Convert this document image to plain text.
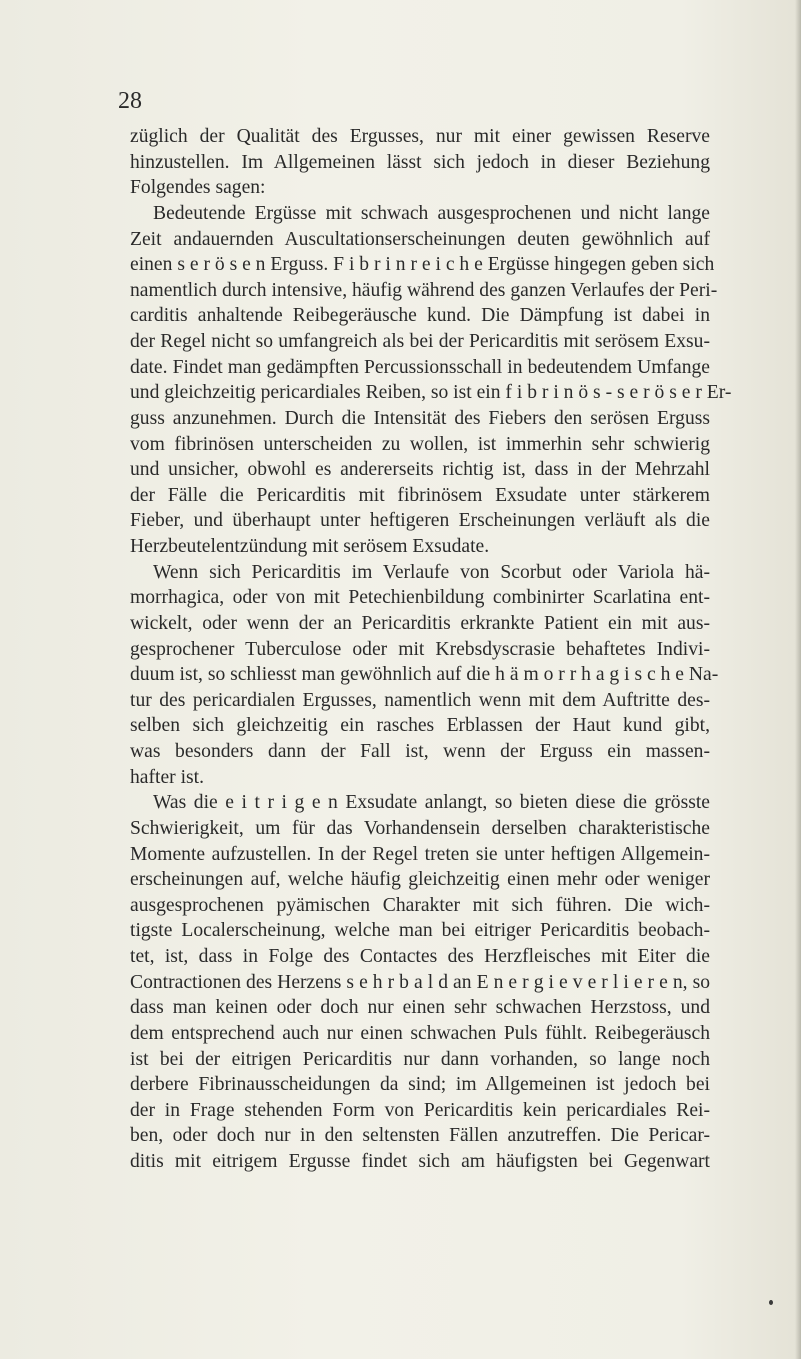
28
züglich der Qualität des Ergusses, nur mit einer gewissen Reserve
hinzustellen. Im Allgemeinen lässt sich jedoch in dieser Beziehung
Folgendes sagen:
Bedeutende Ergüsse mit schwach ausgesprochenen und nicht lange
Zeit andauernden Auscultationserscheinungen deuten gewöhnlich auf
einen s e r ö s e n Erguss. F i b r i n r e i c h e Ergüsse hingegen geben sich
namentlich durch intensive, häufig während des ganzen Verlaufes der Peri-
carditis anhaltende Reibegeräusche kund. Die Dämpfung ist dabei in
der Regel nicht so umfangreich als bei der Pericarditis mit serösem Exsu-
date. Findet man gedämpften Percussionsschall in bedeutendem Umfange
und gleichzeitig pericardiales Reiben, so ist ein f i b r i n ö s - s e r ö s e r Er-
guss anzunehmen. Durch die Intensität des Fiebers den serösen Erguss
vom fibrinösen unterscheiden zu wollen, ist immerhin sehr schwierig
und unsicher, obwohl es andererseits richtig ist, dass in der Mehrzahl
der Fälle die Pericarditis mit fibrinösem Exsudate unter stärkerem
Fieber, und überhaupt unter heftigeren Erscheinungen verläuft als die
Herzbeutelentzündung mit serösem Exsudate.
Wenn sich Pericarditis im Verlaufe von Scorbut oder Variola hä-
morrhagica, oder von mit Petechienbildung combinirter Scarlatina ent-
wickelt, oder wenn der an Pericarditis erkrankte Patient ein mit aus-
gesprochener Tuberculose oder mit Krebsdyscrasie behaftetes Indivi-
duum ist, so schliesst man gewöhnlich auf die h ä m o r r h a g i s c h e Na-
tur des pericardialen Ergusses, namentlich wenn mit dem Auftritte des-
selben sich gleichzeitig ein rasches Erblassen der Haut kund gibt,
was besonders dann der Fall ist, wenn der Erguss ein massen-
hafter ist.
Was die e i t r i g e n Exsudate anlangt, so bieten diese die grösste
Schwierigkeit, um für das Vorhandensein derselben charakteristische
Momente aufzustellen. In der Regel treten sie unter heftigen Allgemein-
erscheinungen auf, welche häufig gleichzeitig einen mehr oder weniger
ausgesprochenen pyämischen Charakter mit sich führen. Die wich-
tigste Localerscheinung, welche man bei eitriger Pericarditis beobach-
tet, ist, dass in Folge des Contactes des Herzfleisches mit Eiter die
Contractionen des Herzens s e h r b a l d an E n e r g i e v e r l i e r e n, so
dass man keinen oder doch nur einen sehr schwachen Herzstoss, und
dem entsprechend auch nur einen schwachen Puls fühlt. Reibegeräusch
ist bei der eitrigen Pericarditis nur dann vorhanden, so lange noch
derbere Fibrinausscheidungen da sind; im Allgemeinen ist jedoch bei
der in Frage stehenden Form von Pericarditis kein pericardiales Rei-
ben, oder doch nur in den seltensten Fällen anzutreffen. Die Pericar-
ditis mit eitrigem Ergusse findet sich am häufigsten bei Gegenwart
